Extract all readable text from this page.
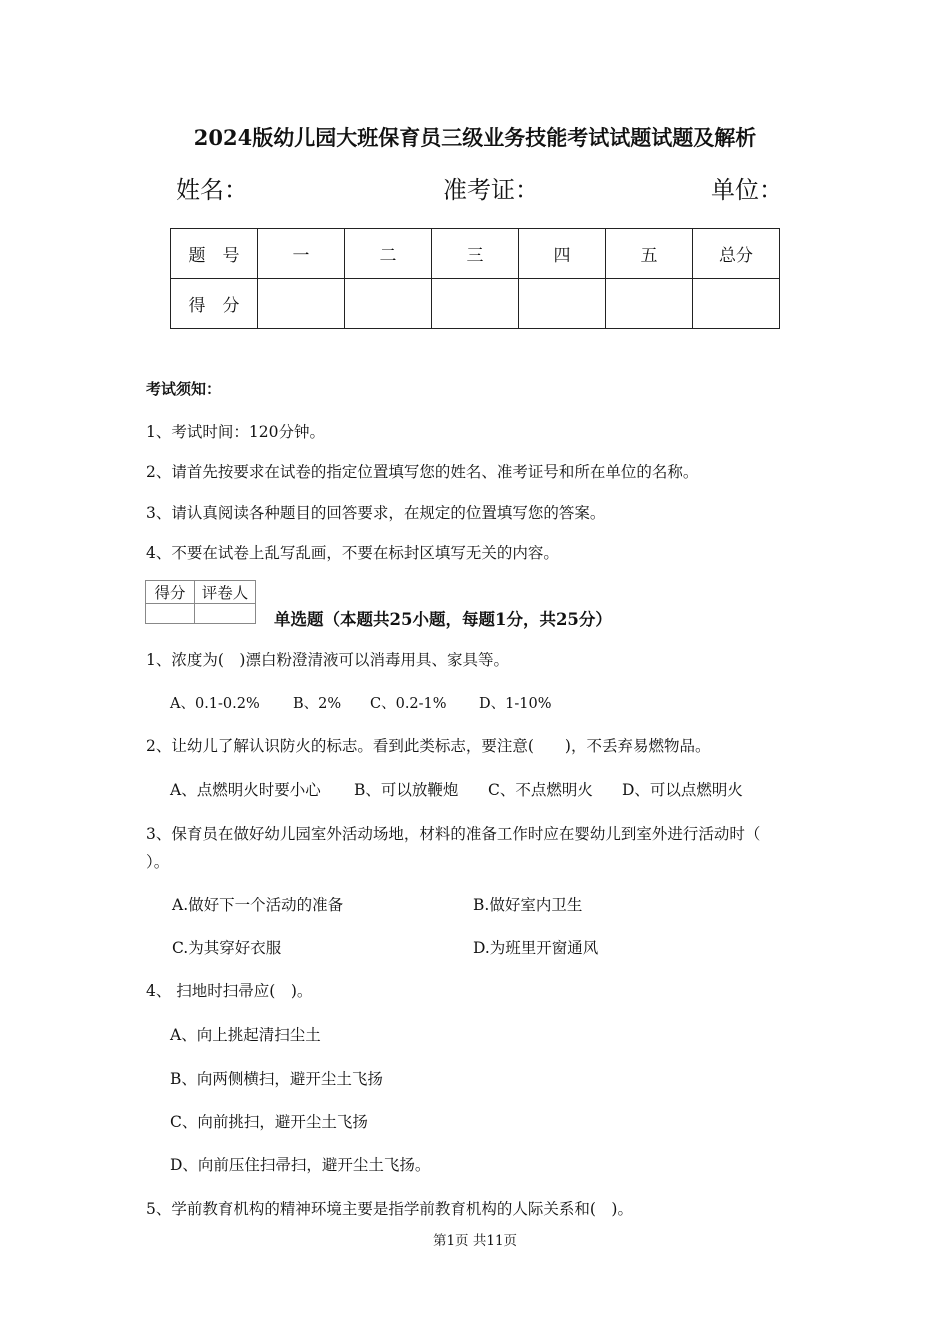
2024版幼儿园大班保育员三级业务技能考试试题试题及解析
姓名：	准考证：	单位：
题　号	一	二	三	四	五	总分
得　分						
考试须知：
1、考试时间：120分钟。
2、请首先按要求在试卷的指定位置填写您的姓名、准考证号和所在单位的名称。
3、请认真阅读各种题目的回答要求，在规定的位置填写您的答案。
4、不要在试卷上乱写乱画，不要在标封区填写无关的内容。
得分	评卷人

单选题（本题共25小题，每题1分，共25分）
1、浓度为(　)漂白粉澄清液可以消毒用具、家具等。
A、0.1-0.2% B、2% C、0.2-1% D、1-10%
2、让幼儿了解认识防火的标志。看到此类标志，要注意(　　)，不丢弃易燃物品。
A、点燃明火时要小心 B、可以放鞭炮 C、不点燃明火 D、可以点燃明火
3、保育员在做好幼儿园室外活动场地，材料的准备工作时应在婴幼儿到室外进行活动时（
）。
A.做好下一个活动的准备	B.做好室内卫生
C.为其穿好衣服	D.为班里开窗通风
4、 扫地时扫帚应(　)。
A、向上挑起清扫尘土
B、向两侧横扫，避开尘土飞扬
C、向前挑扫，避开尘土飞扬
D、向前压住扫帚扫，避开尘土飞扬。
5、学前教育机构的精神环境主要是指学前教育机构的人际关系和(　)。
第1页 共11页
